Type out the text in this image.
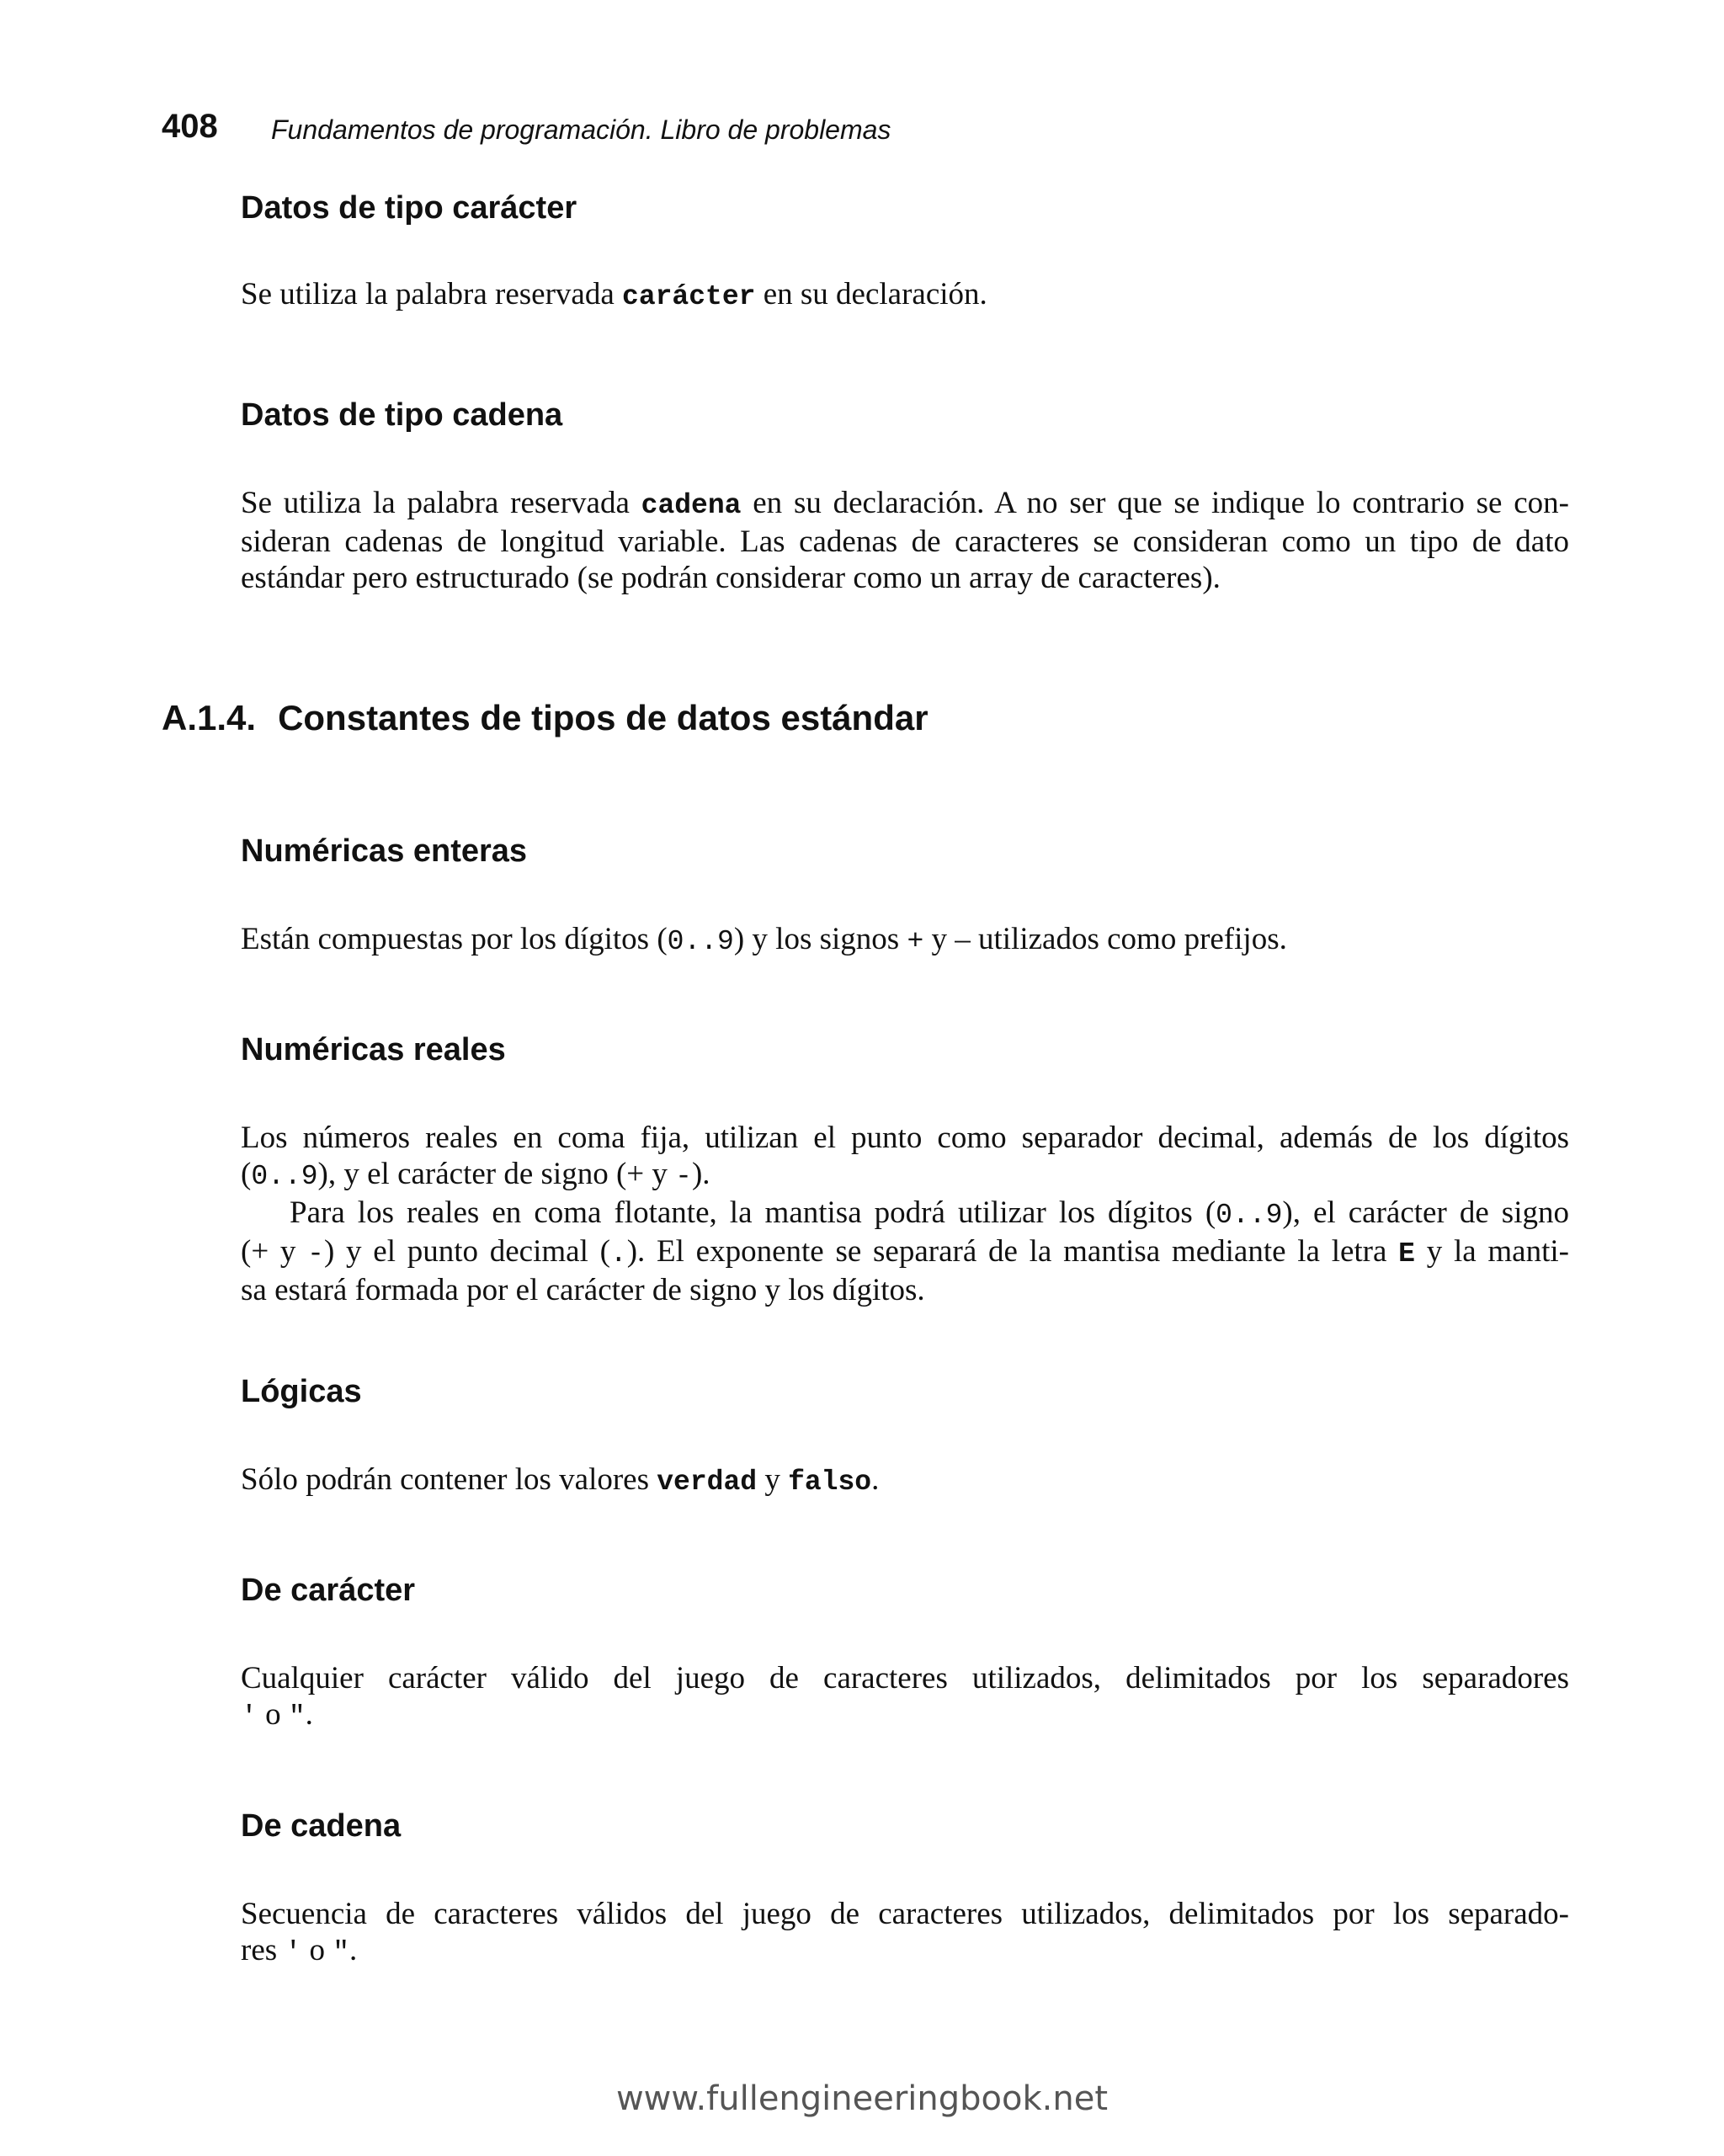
408 Fundamentos de programación. Libro de problemas
Datos de tipo carácter
Se utiliza la palabra reservada carácter en su declaración.
Datos de tipo cadena
Se utiliza la palabra reservada cadena en su declaración. A no ser que se indique lo contrario se con-
sideran cadenas de longitud variable. Las cadenas de caracteres se consideran como un tipo de dato
estándar pero estructurado (se podrán considerar como un array de caracteres).
A.1.4. Constantes de tipos de datos estándar
Numéricas enteras
Están compuestas por los dígitos (0..9) y los signos + y – utilizados como prefijos.
Numéricas reales
Los números reales en coma fija, utilizan el punto como separador decimal, además de los dígitos
(0..9), y el carácter de signo (+ y -).
Para los reales en coma flotante, la mantisa podrá utilizar los dígitos (0..9), el carácter de signo
(+ y -) y el punto decimal (.). El exponente se separará de la mantisa mediante la letra E y la manti-
sa estará formada por el carácter de signo y los dígitos.
Lógicas
Sólo podrán contener los valores verdad y falso.
De carácter
Cualquier carácter válido del juego de caracteres utilizados, delimitados por los separadores
' o ".
De cadena
Secuencia de caracteres válidos del juego de caracteres utilizados, delimitados por los separado-
res ' o ".
www.fullengineeringbook.net
